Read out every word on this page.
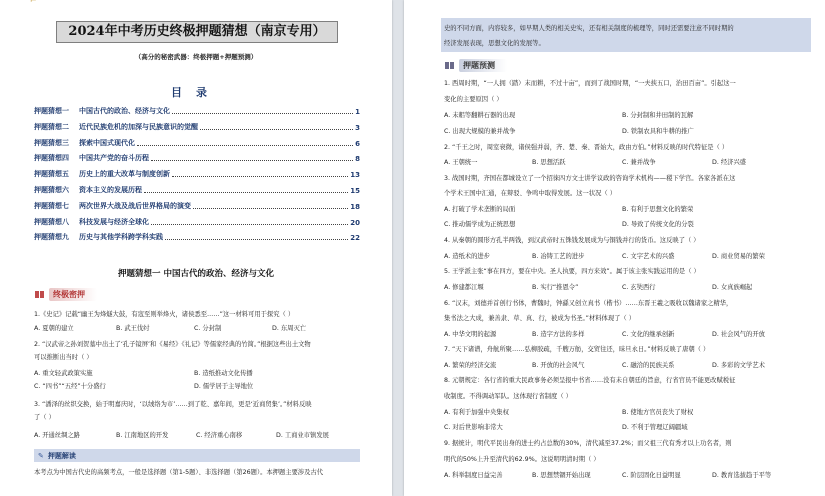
⌐
2024年中考历史终极押题猜想（南京专用）
（高分的秘密武器：终极押题+押题预测）
目录
押题猜想一 中国古代的政治、经济与文化	1
押题猜想二 近代民族危机的加深与民族意识的觉醒	3
押题猜想三 探索中国式现代化	6
押题猜想四 中国共产党的奋斗历程	8
押题猜想五 历史上的重大改革与制度创新	13
押题猜想六 资本主义的发展历程	15
押题猜想七 两次世界大战及战后世界格局的演变	18
押题猜想八 科技发展与经济全球化	20
押题猜想九 历史与其他学科跨学科实践	22
押题猜想一 中国古代的政治、经济与文化
终极密押
1.《史记》记载“幽王为烽燧大鼓，有寇至则举烽火，诸侯悉至……”这一材料可用于探究（ ）
A. 夏朝的建立	B. 武王伐纣	C. 分封制	D. 东周灭亡
2. “汉武帝之孙刘贺墓中出土了‘孔子镜屏’和《易经》《礼记》等儒家经典的竹简。”根据这些出土文物
可以推断出当时（ ）
A. 重文轻武政策实施	B. 造纸推动文化传播
C. “四书”“五经”十分盛行	D. 儒学居于主导地位
3. “潘泽的丝织交换，始于明嘉庆时，‘以绒络为市’……到了乾、嘉年间，更是‘近商贸集’。”材料反映
了（ ）
A. 开通丝绸之路	B. 江南地区的开发	C. 经济重心南移	D. 工商业市镇发展
✎ 押题解读
本考点为中国古代史的高频考点，一般是选择题（第1-5题）、非选择题（第26题）。本押题主要涉及古代
史的不同方面，内容较多，如早期人类的相关史实，还有相关制度的梳理等，同时还需要注意不同时期的
经济发展表现，思想文化的发展等。
押题预测
1. 西周时期，“一人拥（踏）末而耕，不过十亩”，而到了战国时期，“一夫挟五口，治田百亩”。引起这一
变化的主要原因（ ）
A. 未耜等翻耕石器的出现	B. 分封制和井田制的瓦解
C. 出现大规模的兼并战争	D. 铁制农具和牛耕的推广
2. “千王之时，周室衰微，诸侯强并弱，齐、楚、秦、晋始大，政由方伯。”材料反映的时代特征是（ ）
A. 王朝统一	B. 思想活跃	C. 兼并战争	D. 经济兴盛
3. 战国时期，齐国在都城设立了一个招徕四方文士讲学议政的咨询学术机构——稷下学宫。各家各派在这
个学术王国中汇通，在辩驳、争鸣中取得发展。这一状况（ ）
A. 打破了学术垄断的局面	B. 有利于思想文化的繁荣
C. 推动儒学成为正统思想	D. 导致了传统文化的分裂
4. 从秦朝的圆形方孔半两钱，到汉武帝时五铢钱发展成为与铜钱并行的货币。这反映了（ ）
A. 造纸术的进步	B. 冶铸工艺的进步	C. 文字艺术的兴盛	D. 商业贸易的繁荣
5. 王学派主张“事在四方，要在中央。圣人执要，四方来效”。属于该主张实践运用的是（ ）
A. 修建都江堰	B. 实行“推恩令”	C. 玄奘西行	D. 女真族崛起
6. “汉末，刘德并首创行书体，曹魏时，钟繇又创立真书（楷书）……东晋王羲之吸收以魏诸家之精华，
集书法之大成，兼善隶、草、真、行，被成为书圣。”材料体现了（ ）
A. 中华文明的起源	B. 造字方法的多样	C. 文化的继承创新	D. 社会风气的开放
7. “天下诸谱，舟航所聚……弘柳胶疏，千艘万舫，交贸往还，昧旦永日。”材料反映了唐朝（ ）
A. 繁荣的经济交流	B. 开放的社会风气	C. 融洽的民族关系	D. 多彩的文学艺术
8. 元朝规定：各行省的重大民政事务必须呈报中书省……没有未自朝廷的旨意，行省官员不能更改赋税征
收制度。不得调动军队。这体现行省制度（ ）
A. 有利于加强中央集权	B. 使地方官员丧失了财权
C. 对后世影响非常大	D. 不利于管理辽阔疆域
9. 据统计，明代平民出身的进士约占总数的30%，清代减至37.2%；而父祖三代有秀才以上功名者，则
明代的50%上升至清代的62.9%。这说明明清时期（ ）
A. 科举制度日益完善	B. 思想禁锢开始出现	C. 阶层固化日益明显	D. 教育选拔趋于平等
